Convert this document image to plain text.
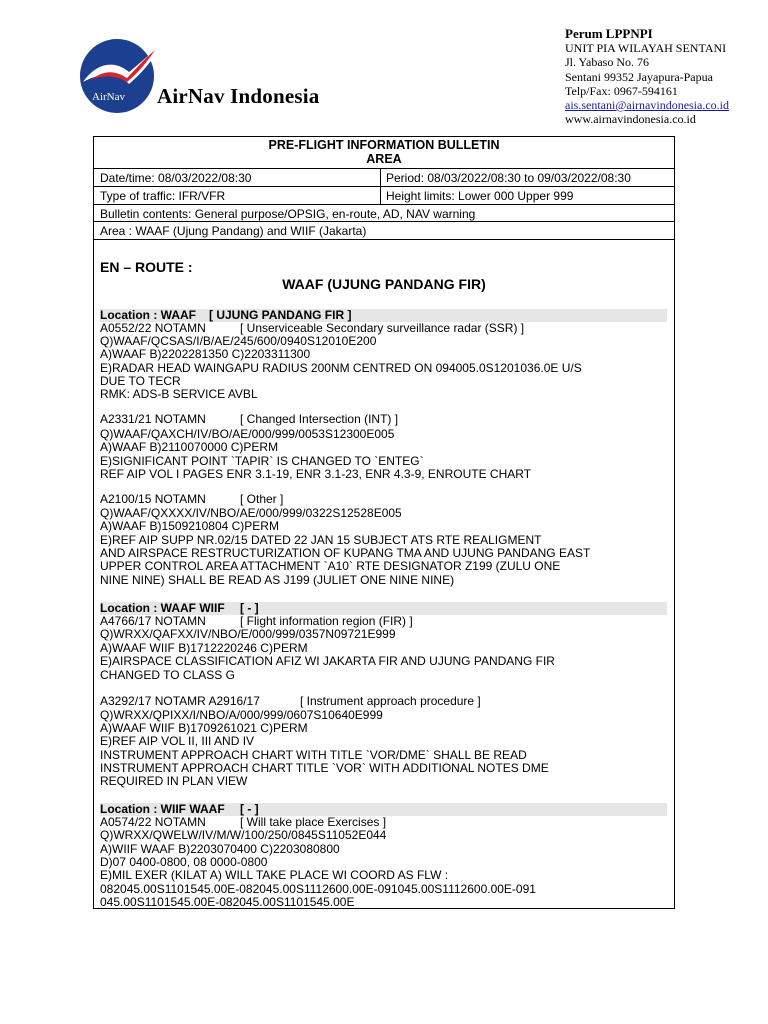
AirNav AirNav Indonesia
Perum LPPNPI
UNIT PIA WILAYAH SENTANI
Jl. Yabaso No. 76
Sentani 99352 Jayapura-Papua
Telp/Fax: 0967-594161
ais.sentani@airnavindonesia.co.id
www.airnavindonesia.co.id
PRE-FLIGHT INFORMATION BULLETIN
AREA
Date/time: 08/03/2022/08:30	Period: 08/03/2022/08:30 to 09/03/2022/08:30
Type of traffic: IFR/VFR	Height limits: Lower 000 Upper 999
Bulletin contents: General purpose/OPSIG, en-route, AD, NAV warning
Area : WAAF (Ujung Pandang) and WIIF (Jakarta)
EN – ROUTE :
WAAF (UJUNG PANDANG FIR)
Location : WAAF [ UJUNG PANDANG FIR ]
A0552/22 NOTAMN	[ Unserviceable Secondary surveillance radar (SSR) ]
Q)WAAF/QCSAS/I/B/AE/245/600/0940S12010E200
A)WAAF B)2202281350 C)2203311300
E)RADAR HEAD WAINGAPU RADIUS 200NM CENTRED ON 094005.0S1201036.0E U/S
DUE TO TECR
RMK: ADS-B SERVICE AVBL
A2331/21 NOTAMN	[ Changed Intersection (INT) ]
Q)WAAF/QAXCH/IV/BO/AE/000/999/0053S12300E005
A)WAAF B)2110070000 C)PERM
E)SIGNIFICANT POINT `TAPIR` IS CHANGED TO `ENTEG`
REF AIP VOL I PAGES ENR 3.1-19, ENR 3.1-23, ENR 4.3-9, ENROUTE CHART
A2100/15 NOTAMN	[ Other ]
Q)WAAF/QXXXX/IV/NBO/AE/000/999/0322S12528E005
A)WAAF B)1509210804 C)PERM
E)REF AIP SUPP NR.02/15 DATED 22 JAN 15 SUBJECT ATS RTE REALIGMENT
AND AIRSPACE RESTRUCTURIZATION OF KUPANG TMA AND UJUNG PANDANG EAST
UPPER CONTROL AREA ATTACHMENT `A10` RTE DESIGNATOR Z199 (ZULU ONE
NINE NINE) SHALL BE READ AS J199 (JULIET ONE NINE NINE)
Location : WAAF WIIF [ - ]
A4766/17 NOTAMN	[ Flight information region (FIR) ]
Q)WRXX/QAFXX/IV/NBO/E/000/999/0357N09721E999
A)WAAF WIIF B)1712220246 C)PERM
E)AIRSPACE CLASSIFICATION AFIZ WI JAKARTA FIR AND UJUNG PANDANG FIR
CHANGED TO CLASS G
A3292/17 NOTAMR A2916/17	[ Instrument approach procedure ]
Q)WRXX/QPIXX/I/NBO/A/000/999/0607S10640E999
A)WAAF WIIF B)1709261021 C)PERM
E)REF AIP VOL II, III AND IV
INSTRUMENT APPROACH CHART WITH TITLE `VOR/DME` SHALL BE READ
INSTRUMENT APPROACH CHART TITLE `VOR` WITH ADDITIONAL NOTES DME
REQUIRED IN PLAN VIEW
Location : WIIF WAAF [ - ]
A0574/22 NOTAMN	[ Will take place Exercises ]
Q)WRXX/QWELW/IV/M/W/100/250/0845S11052E044
A)WIIF WAAF B)2203070400 C)2203080800
D)07 0400-0800, 08 0000-0800
E)MIL EXER (KILAT A) WILL TAKE PLACE WI COORD AS FLW :
082045.00S1101545.00E-082045.00S1112600.00E-091045.00S1112600.00E-091
045.00S1101545.00E-082045.00S1101545.00E
